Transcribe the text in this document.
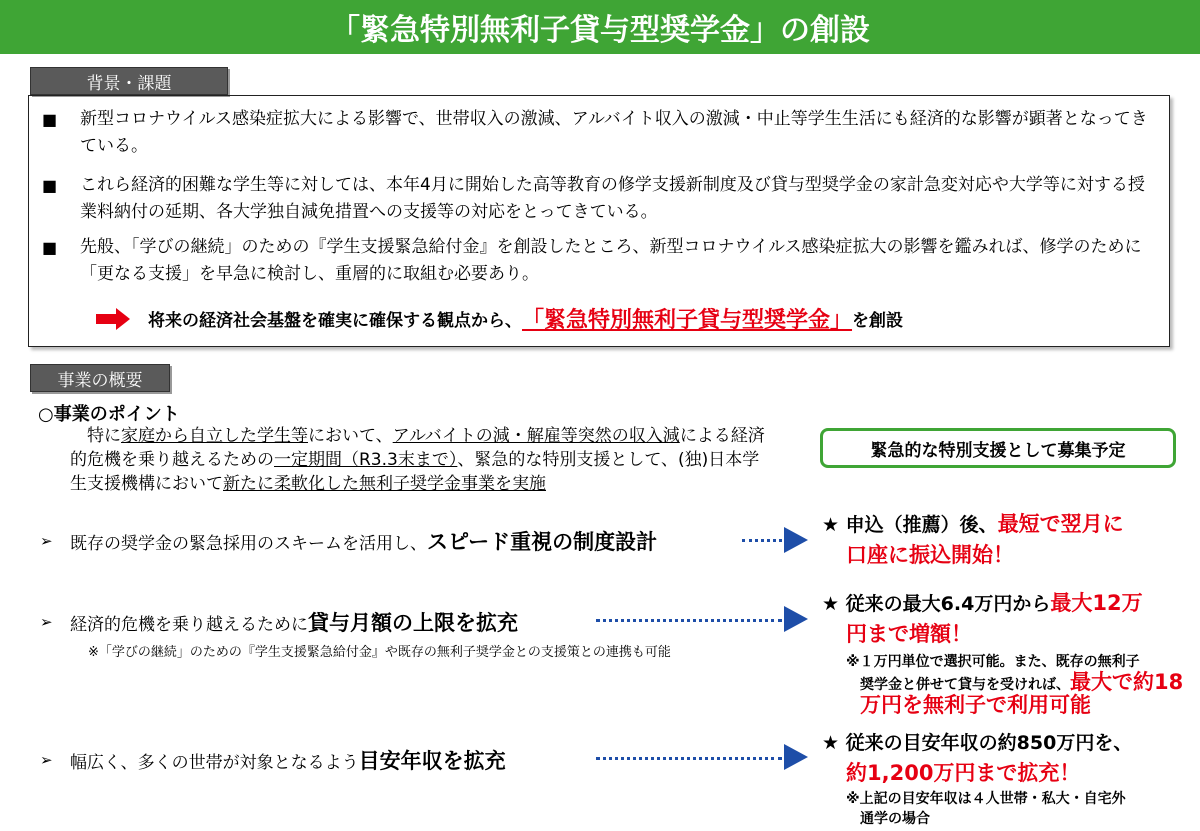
「緊急特別無利子貸与型奨学金」の創設
背景・課題
■	新型コロナウイルス感染症拡大による影響で、世帯収入の激減、アルバイト収入の激減・中止等学生生活にも経済的な影響が顕著となってきている。
■	これら経済的困難な学生等に対しては、本年4月に開始した高等教育の修学支援新制度及び貸与型奨学金の家計急変対応や大学等に対する授業料納付の延期、各大学独自減免措置への支援等の対応をとってきている。
■	先般、「学びの継続」のための『学生支援緊急給付金』を創設したところ、新型コロナウイルス感染症拡大の影響を鑑みれば、修学のために「更なる支援」を早急に検討し、重層的に取組む必要あり。
将来の経済社会基盤を確実に確保する観点から、 「緊急特別無利子貸与型奨学金」 を創設
事業の概要
○事業のポイント
　特に家庭から自立した学生等において、アルバイトの減・解雇等突然の収入減による経済的危機を乗り越えるための一定期間（R3.3末まで）、緊急的な特別支援として、(独)日本学生支援機構において新たに柔軟化した無利子奨学金事業を実施
➢	既存の奨学金の緊急採用のスキームを活用し、 スピード重視の制度設計
➢	経済的危機を乗り越えるために 貸与月額の上限を拡充
※「学びの継続」のための『学生支援緊急給付金』や既存の無利子奨学金との支援策との連携も可能
➢	幅広く、多くの世帯が対象となるよう 目安年収を拡充
緊急的な特別支援として募集予定
★ 申込（推薦）後、最短で翌月に
口座に振込開始！
★ 従来の最大6.4万円から最大12万
円まで増額！
※１万円単位で選択可能。また、既存の無利子
奨学金と併せて貸与を受ければ、最大で約18
万円を無利子で利用可能
★ 従来の目安年収の約850万円を、
約1,200万円まで拡充！
※上記の目安年収は４人世帯・私大・自宅外
通学の場合
